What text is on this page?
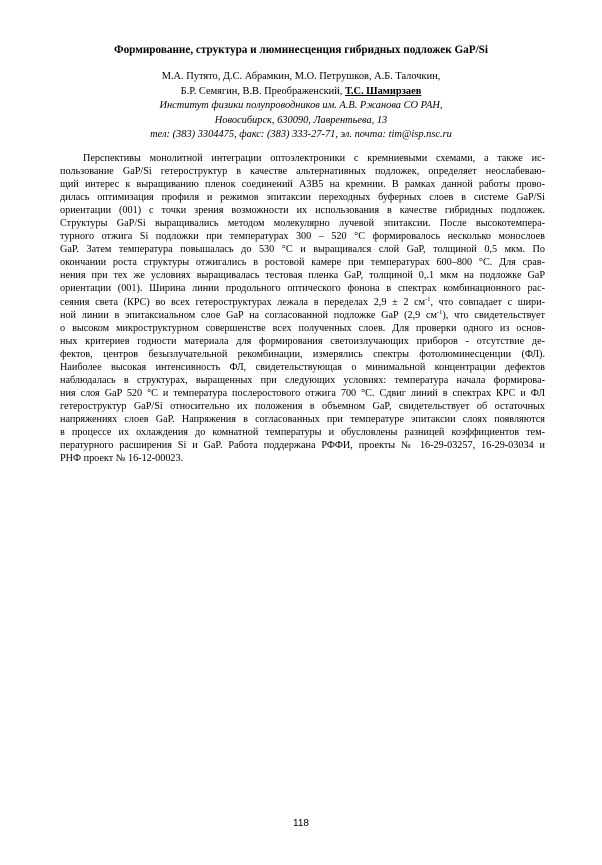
Формирование, структура и люминесценция гибридных подложек GaP/Si
М.А. Путято, Д.С. Абрамкин, М.О. Петрушков, А.Б. Талочкин,
Б.Р. Семягин, В.В. Преображенский, Т.С. Шамирзаев
Институт физики полупроводников им. А.В. Ржанова СО РАН,
Новосибирск, 630090, Лаврентьева, 13
тел: (383) 3304475, факс: (383) 333-27-71, эл. почта: tim@isp.nsc.ru
Перспективы монолитной интеграции оптоэлектроники с кремниевыми схемами, а также ис-
пользование GaP/Si гетероструктур в качестве альтернативных подложек, определяет неослабеваю-
щий интерес к выращиванию пленок соединений А3В5 на кремнии. В рамках данной работы прово-
дилась оптимизация профиля и режимов эпитаксии переходных буферных слоев в системе GaP/Si
ориентации (001) с точки зрения возможности их использования в качестве гибридных подложек.
Структуры GaP/Si выращивались методом молекулярно лучевой эпитаксии. После высокотемпера-
турного отжига Si подложки при температурах 300 – 520 °С формировалось несколько монослоев
GaP. Затем температура повышалась до 530 °С и выращивался слой GaP, толщиной 0,5 мкм. По
окончании роста структуры отжигались в ростовой камере при температурах 600–800 °С. Для срав-
нения при тех же условиях выращивалась тестовая пленка GaP, толщиной 0,.1 мкм на подложке GaP
ориентации (001). Ширина линии продольного оптического фонона в спектрах комбинационного рас-
сеяния света (КРС) во всех гетероструктурах лежала в переделах 2,9 ± 2 $см^{-1}$, что совпадает с шири-
ной линии в эпитаксиальном слое GaP на согласованной подложке GaP (2,9 $см^{-1}$), что свидетельствует
о высоком микроструктурном совершенстве всех полученных слоев. Для проверки одного из основ-
ных критериев годности материала для формирования светоизлучающих приборов - отсутствие де-
фектов, центров безызлучательной рекомбинации, измерялись спектры фотолюминесценции (ФЛ).
Наиболее высокая интенсивность ФЛ, свидетельствующая о минимальной концентрации дефектов
наблюдалась в структурах, выращенных при следующих условиях: температура начала формирова-
ния слоя GaP 520 °С и температура послеростового отжига 700 °С. Сдвиг линий в спектрах КРС и ФЛ
гетероструктур GaP/Si относительно их положения в объемном GaP, свидетельствует об остаточных
напряжениях слоев GaP. Напряжения в согласованных при температуре эпитаксии слоях появляются
в процессе их охлаждения до комнатной температуры и обусловлены разницей коэффициентов тем-
пературного расширения Si и GaP. Работа поддержана РФФИ, проекты № 16-29-03257, 16-29-03034 и
РНФ проект № 16-12-00023.
118
